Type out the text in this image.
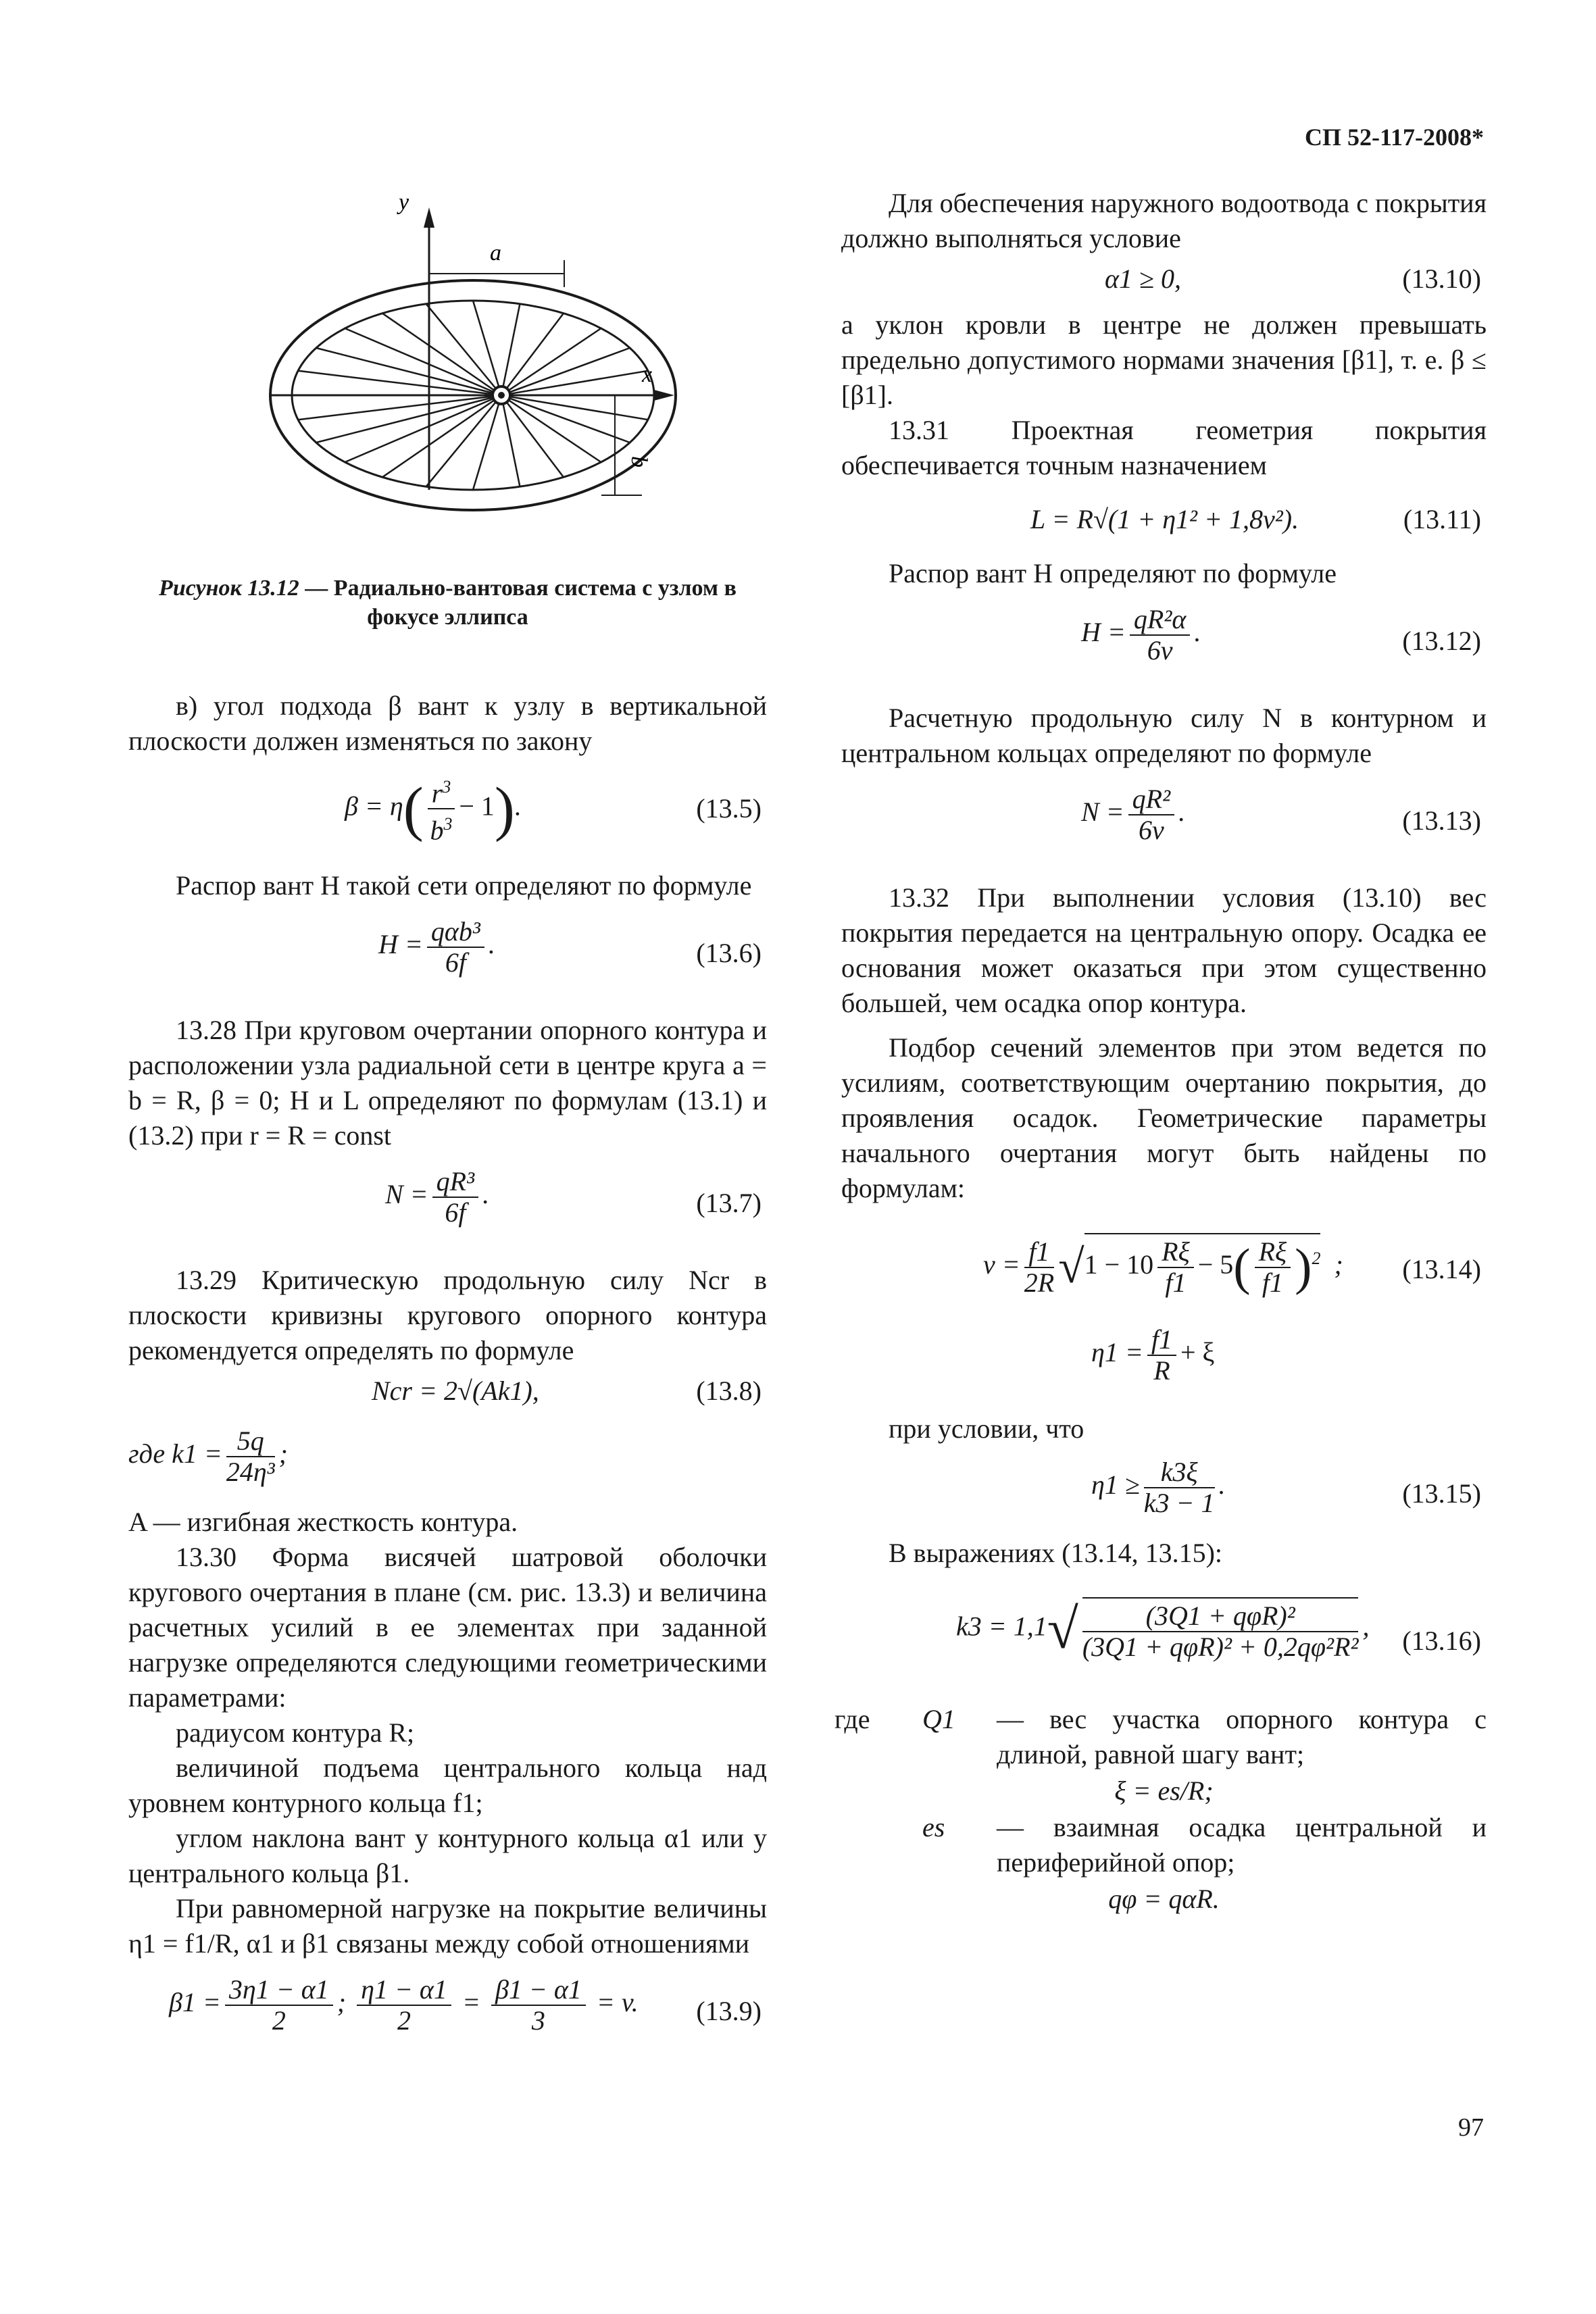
СП 52-117-2008*
y
x
a
b
Рисунок 13.12 — Радиально-вантовая система с узлом в фокусе эллипса

в) угол подхода β вант к узлу в вертикальной плоскости должен изменяться по закону

$\beta = \eta( \frac{r^3}{b^3} - 1)$.	(13.5)

Распор вант H такой сети определяют по формуле

$H = \frac{\text{qαb³}}{6f}$ .	(13.6)

13.28 При круговом очертании опорного контура и расположении узла радиальной сети в центре круга a = b = R, β = 0; H и L определяют по формулам (13.1) и (13.2) при r = R = const

$N = \frac{\text{qR³}}{6f}$ .	(13.7)

13.29 Критическую продольную силу Ncr в плоскости кривизны кругового опорного контура рекомендуется определять по формуле

Ncr = 2√(Ak1),	(13.8)
где $k1 = \frac{5q}{\text{24η³}}$ ;

A — изгибная жесткость контура.

13.30 Форма висячей шатровой оболочки кругового очертания в плане (см. рис. 13.3) и величина расчетных усилий в ее элементах при заданной нагрузке определяются следующими геометрическими параметрами:

радиусом контура R;

величиной подъема центрального кольца над уровнем контурного кольца f1;

углом наклона вант у контурного кольца α1 или у центрального кольца β1.

При равномерной нагрузке на покрытие величины η1 = f1/R, α1 и β1 связаны между собой отношениями

$\beta 1 = \frac{3\eta 1 - \alpha 1}{2}$ ; $\frac{\eta 1 - \alpha 1}{2} = \frac{\beta 1 - \alpha 1}{3} = v$. (13.9)

Для обеспечения наружного водоотвода с покрытия должно выполняться условие

α1 ≥ 0,	(13.10)

а уклон кровли в центре не должен превышать предельно допустимого нормами значения [β1], т. е. β ≤ [β1].

13.31 Проектная геометрия покрытия обеспечивается точным назначением

L = R√(1 + η1² + 1,8v²).	(13.11)

Распор вант H определяют по формуле

$H = \frac{\text{qR²α}}{6v}$ .	(13.12)

Расчетную продольную силу N в контурном и центральном кольцах определяют по формуле

$N = \frac{\text{qR²}}{6v}$ .	(13.13)

13.32 При выполнении условия (13.10) вес покрытия передается на центральную опору. Осадка ее основания может оказаться при этом существенно большей, чем осадка опор контура.

Подбор сечений элементов при этом ведется по усилиям, соответствующим очертанию покрытия, до проявления осадок. Геометрические параметры начального очертания могут быть найдены по формулам:

$v = \frac{f1}{2R} √1 - 10 \frac{R\xi}{f1} - 5( \frac{R\xi}{f1} )^2$ ; (13.14)
$\eta 1 = \frac{f1}{R} + \xi$

при условии, что

$\eta 1 \ge \frac{k3\xi}{k3 - 1}$ .	(13.15)

В выражениях (13.14, 13.15):

$k3 = 1,1√ \frac{\text{(3Q1 + qφR)²}}{\text{(3Q1 + qφR)² + 0,2qφ²R²}}$ , (13.16)
где	Q1	— вес участка опорного контура с длиной, равной шагу вант;
ξ = es/R;
es	— взаимная осадка центральной и периферийной опор;
qφ = qαR.
97
